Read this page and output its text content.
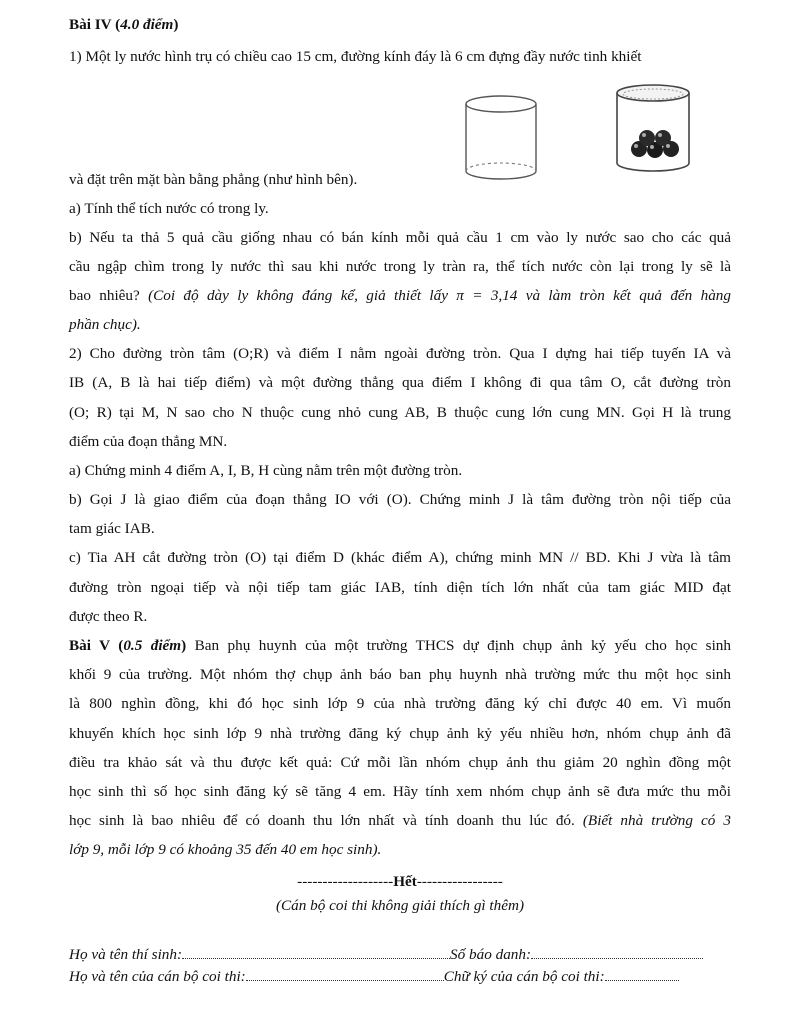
Bài IV (4.0 điểm)
1) Một ly nước hình trụ có chiều cao 15 cm, đường kính đáy là 6 cm đựng đầy nước tinh khiết
và đặt trên mặt bàn bằng phẳng (như hình bên).
a) Tính thể tích nước có trong ly.
b) Nếu ta thả 5 quả cầu giống nhau có bán kính mỗi quả cầu 1 cm vào ly nước sao cho các quả
cầu ngập chìm trong ly nước thì sau khi nước trong ly tràn ra, thể tích nước còn lại trong ly sẽ là
bao nhiêu? (Coi độ dày ly không đáng kể, giả thiết lấy π = 3,14 và làm tròn kết quả đến hàng
phần chục).
2) Cho đường tròn tâm (O;R) và điểm I nằm ngoài đường tròn. Qua I dựng hai tiếp tuyến IA và
IB (A, B là hai tiếp điểm) và một đường thẳng qua điểm I không đi qua tâm O, cắt đường tròn
(O; R) tại M, N sao cho N thuộc cung nhỏ cung AB, B thuộc cung lớn cung MN. Gọi H là trung
điểm của đoạn thẳng MN.
a) Chứng minh 4 điểm A, I, B, H cùng nằm trên một đường tròn.
b) Gọi J là giao điểm của đoạn thẳng IO với (O). Chứng minh J là tâm đường tròn nội tiếp của
tam giác IAB.
c) Tia AH cắt đường tròn (O) tại điểm D (khác điểm A), chứng minh MN // BD. Khi J vừa là tâm
đường tròn ngoại tiếp và nội tiếp tam giác IAB, tính diện tích lớn nhất của tam giác MID đạt
được theo R.
Bài V (0.5 điểm) Ban phụ huynh của một trường THCS dự định chụp ảnh kỷ yếu cho học sinh
khối 9 của trường. Một nhóm thợ chụp ảnh báo ban phụ huynh nhà trường mức thu một học sinh
là 800 nghìn đồng, khi đó học sinh lớp 9 của nhà trường đăng ký chỉ được 40 em. Vì muốn
khuyến khích học sinh lớp 9 nhà trường đăng ký chụp ảnh kỷ yếu nhiều hơn, nhóm chụp ảnh đã
điều tra khảo sát và thu được kết quả: Cứ mỗi lần nhóm chụp ảnh thu giảm 20 nghìn đồng một
học sinh thì số học sinh đăng ký sẽ tăng 4 em. Hãy tính xem nhóm chụp ảnh sẽ đưa mức thu mỗi
học sinh là bao nhiêu để có doanh thu lớn nhất và tính doanh thu lúc đó. (Biết nhà trường có 3
lớp 9, mỗi lớp 9 có khoảng 35 đến 40 em học sinh).
-------------------Hết-----------------
(Cán bộ coi thi không giải thích gì thêm)
Họ và tên thí sinh:	Số báo danh:
Họ và tên của cán bộ coi thi:	Chữ ký của cán bộ coi thi:
